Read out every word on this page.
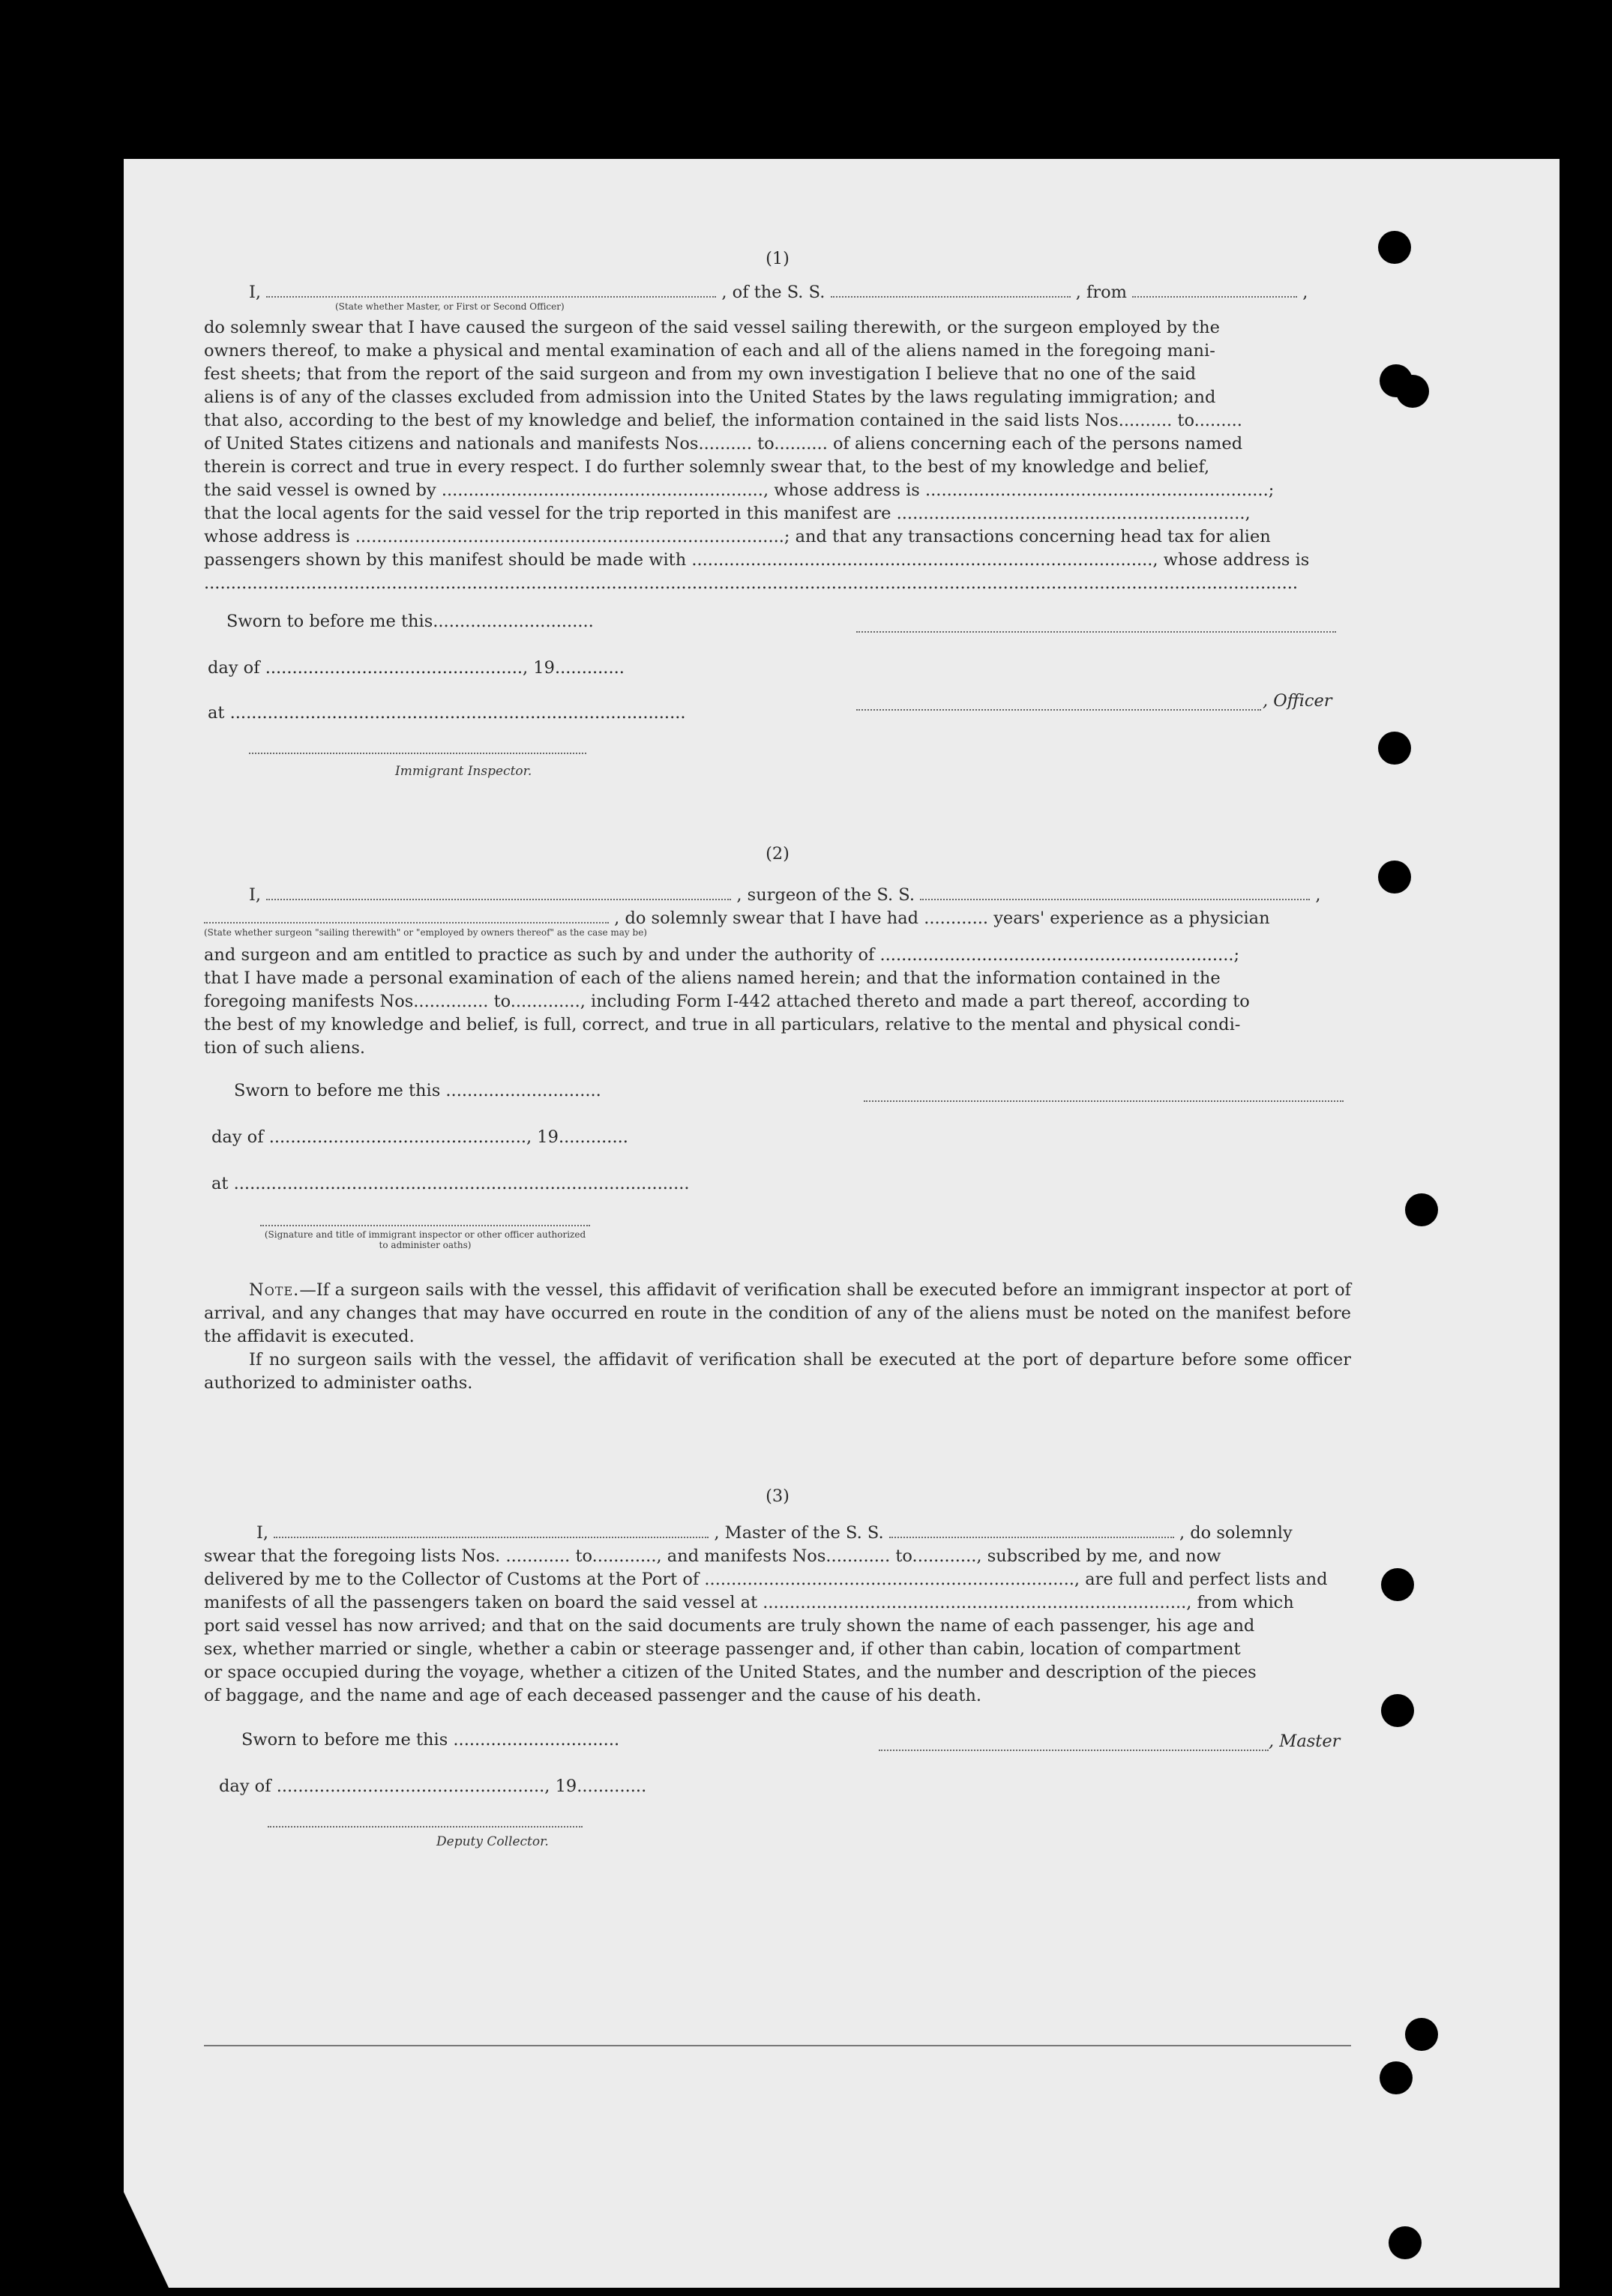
(1)
I,	, of the S. S.	, from	,
(State whether Master, or First or Second Officer)
do solemnly swear that I have caused the surgeon of the said vessel sailing therewith, or the surgeon employed by the
owners thereof, to make a physical and mental examination of each and all of the aliens named in the foregoing mani-
fest sheets; that from the report of the said surgeon and from my own investigation I believe that no one of the said
aliens is of any of the classes excluded from admission into the United States by the laws regulating immigration; and
that also, according to the best of my knowledge and belief, the information contained in the said lists Nos.......... to.........
of United States citizens and nationals and manifests Nos.......... to.......... of aliens concerning each of the persons named
therein is correct and true in every respect. I do further solemnly swear that, to the best of my knowledge and belief,
the said vessel is owned by ............................................................, whose address is ................................................................;
that the local agents for the said vessel for the trip reported in this manifest are .................................................................,
whose address is ................................................................................; and that any transactions concerning head tax for alien
passengers shown by this manifest should be made with ......................................................................................, whose address is
............................................................................................................................................................................................................
Sworn to before me this..............................
day of ................................................, 19.............
at .....................................................................................
Immigrant Inspector.
, Officer
(2)
I,	, surgeon of the S. S.	,
, do solemnly swear that I have had ............ years' experience as a physician
(State whether surgeon "sailing therewith" or "employed by owners thereof" as the case may be)
and surgeon and am entitled to practice as such by and under the authority of ..................................................................;
that I have made a personal examination of each of the aliens named herein; and that the information contained in the
foregoing manifests Nos.............. to............., including Form I-442 attached thereto and made a part thereof, according to
the best of my knowledge and belief, is full, correct, and true in all particulars, relative to the mental and physical condi-
tion of such aliens.
Sworn to before me this .............................
day of ................................................, 19.............
at .....................................................................................
(Signature and title of immigrant inspector or other officer authorized to administer oaths)

Note.—If a surgeon sails with the vessel, this affidavit of verification shall be executed before an immigrant inspector at port of arrival, and any changes that may have occurred en route in the condition of any of the aliens must be noted on the manifest before the affidavit is executed.

If no surgeon sails with the vessel, the affidavit of verification shall be executed at the port of departure before some officer authorized to administer oaths.

(3)
I,	, Master of the S. S.	, do solemnly
swear that the foregoing lists Nos. ............ to............, and manifests Nos............ to............, subscribed by me, and now
delivered by me to the Collector of Customs at the Port of ....................................................................., are full and perfect lists and
manifests of all the passengers taken on board the said vessel at ..............................................................................., from which
port said vessel has now arrived; and that on the said documents are truly shown the name of each passenger, his age and
sex, whether married or single, whether a cabin or steerage passenger and, if other than cabin, location of compartment
or space occupied during the voyage, whether a citizen of the United States, and the number and description of the pieces
of baggage, and the name and age of each deceased passenger and the cause of his death.
Sworn to before me this ...............................
day of .................................................., 19.............
, Master
Deputy Collector.
